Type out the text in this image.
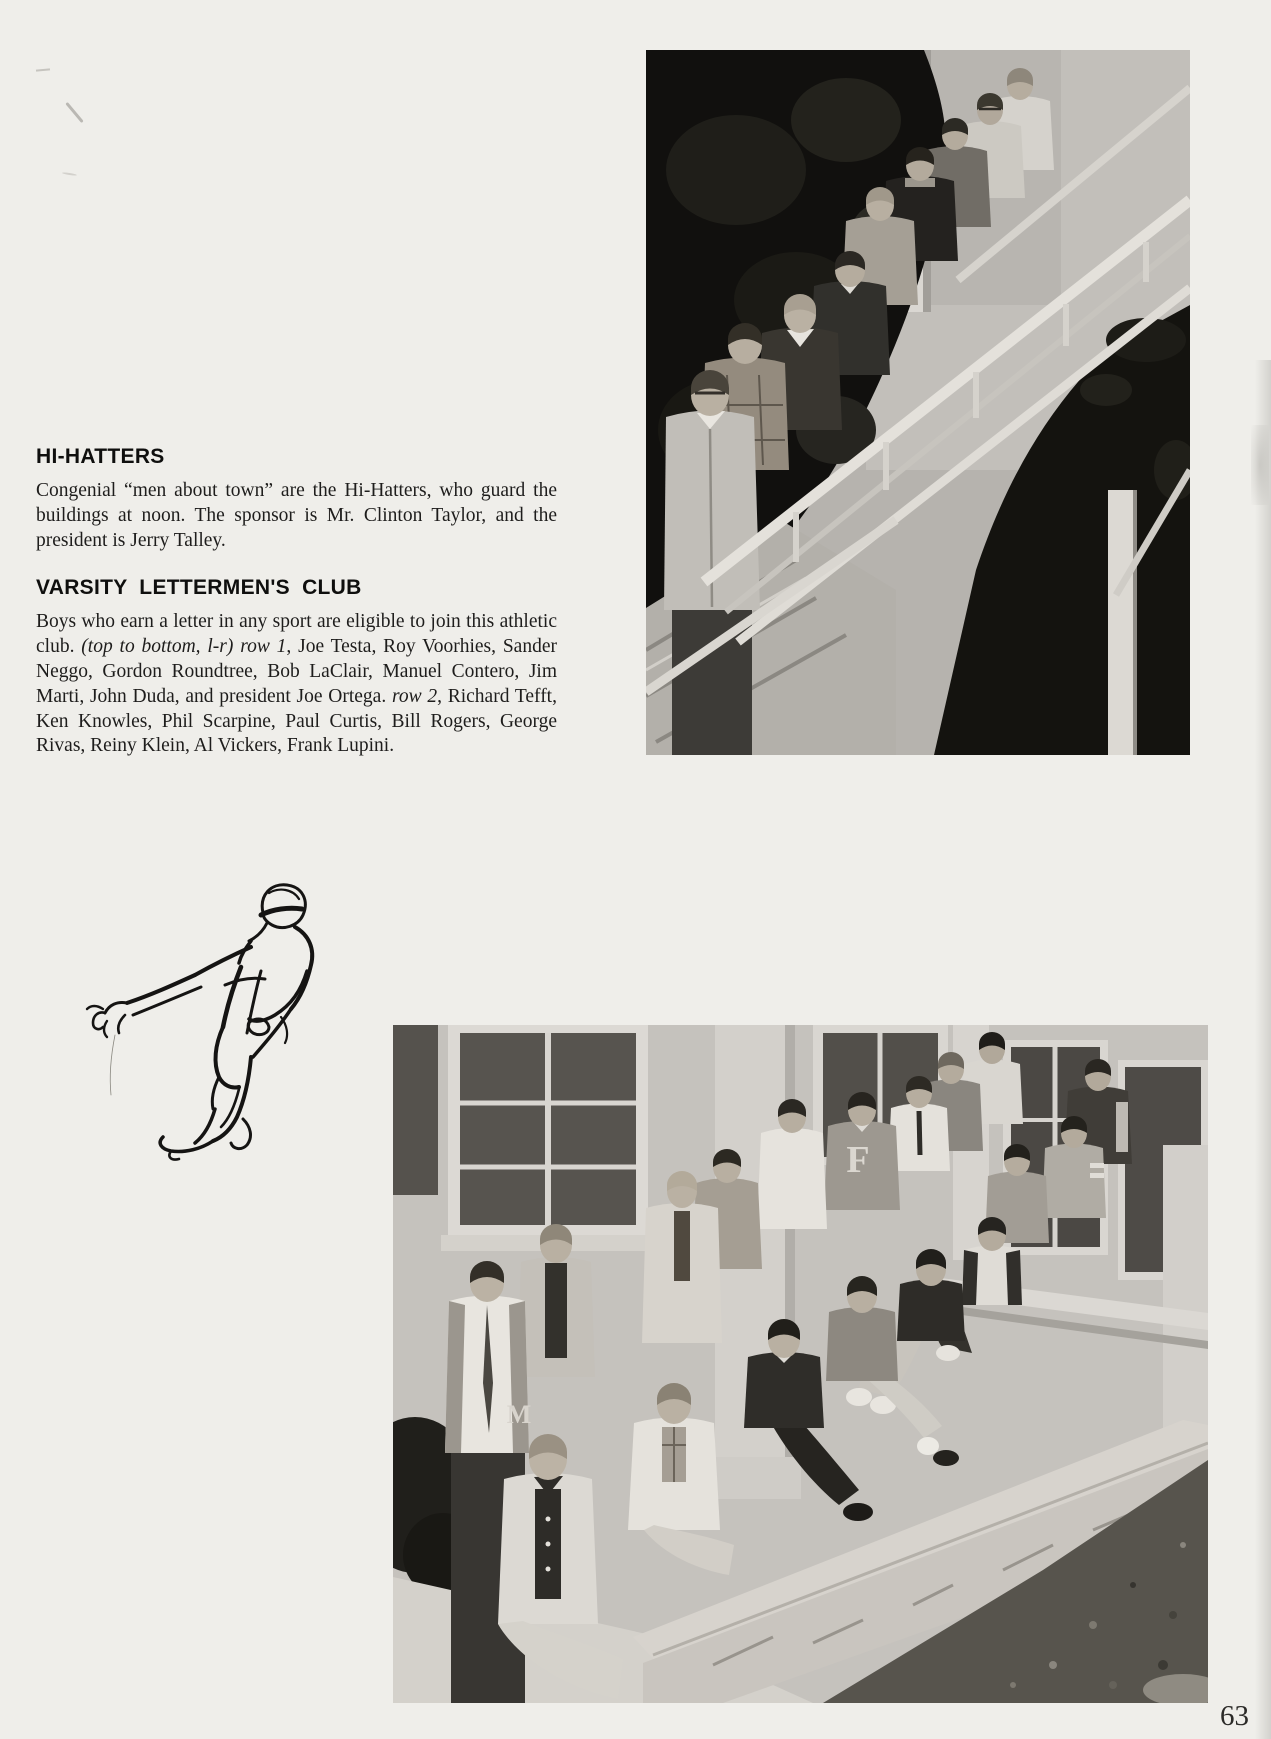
HI-HATTERS

Congenial “men about town” are the Hi-Hatters, who guard the buildings at noon. The sponsor is Mr. Clinton Taylor, and the president is Jerry Talley.

VARSITY LETTERMEN'S CLUB

Boys who earn a letter in any sport are eligible to join this athletic club. (top to bottom, l-r) row 1, Joe Testa, Roy Voorhies, Sander Neggo, Gordon Roundtree, Bob LaClair, Manuel Contero, Jim Marti, John Duda, and president Joe Ortega. row 2, Richard Tefft, Ken Knowles, Phil Scarpine, Paul Curtis, Bill Rogers, George Rivas, Reiny Klein, Al Vickers, Frank Lupini.

F
M
63
